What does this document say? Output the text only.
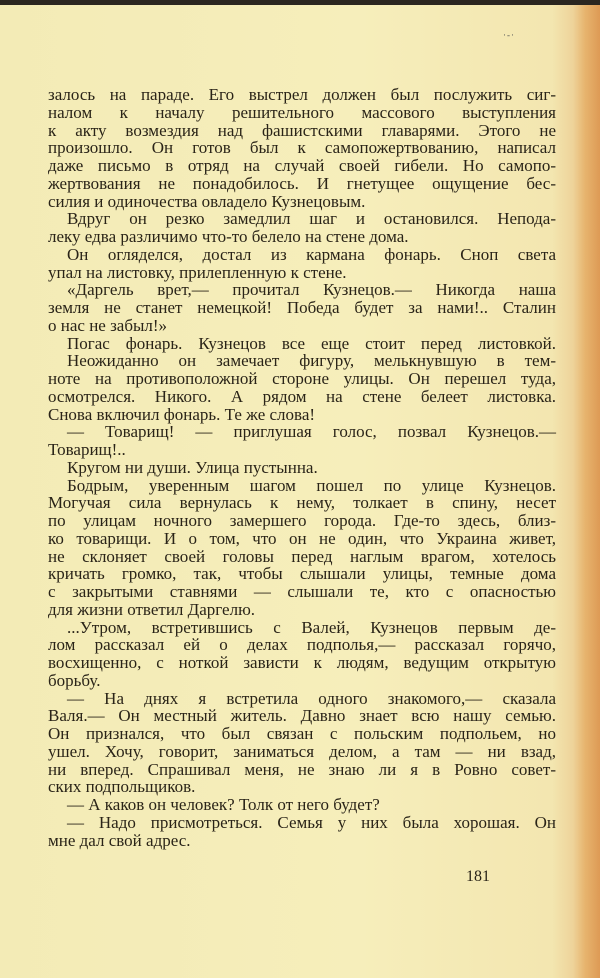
·-·
залось на параде. Его выстрел должен был послужить сиг-
налом к началу решительного массового выступления
к акту возмездия над фашистскими главарями. Этого не
произошло. Он готов был к самопожертвованию, написал
даже письмо в отряд на случай своей гибели. Но самопо-
жертвования не понадобилось. И гнетущее ощущение бес-
силия и одиночества овладело Кузнецовым.
Вдруг он резко замедлил шаг и остановился. Непода-
леку едва различимо что-то белело на стене дома.
Он огляделся, достал из кармана фонарь. Сноп света
упал на листовку, прилепленную к стене.
«Даргель врет,— прочитал Кузнецов.— Никогда наша
земля не станет немецкой! Победа будет за нами!.. Сталин
о нас не забыл!»
Погас фонарь. Кузнецов все еще стоит перед листовкой.
Неожиданно он замечает фигуру, мелькнувшую в тем-
ноте на противоположной стороне улицы. Он перешел туда,
осмотрелся. Никого. А рядом на стене белеет листовка.
Снова включил фонарь. Те же слова!
— Товарищ! — приглушая голос, позвал Кузнецов.—
Товарищ!..
Кругом ни души. Улица пустынна.
Бодрым, уверенным шагом пошел по улице Кузнецов.
Могучая сила вернулась к нему, толкает в спину, несет
по улицам ночного замершего города. Где-то здесь, близ-
ко товарищи. И о том, что он не один, что Украина живет,
не склоняет своей головы перед наглым врагом, хотелось
кричать громко, так, чтобы слышали улицы, темные дома
с закрытыми ставнями — слышали те, кто с опасностью
для жизни ответил Даргелю.
...Утром, встретившись с Валей, Кузнецов первым де-
лом рассказал ей о делах подполья,— рассказал горячо,
восхищенно, с ноткой зависти к людям, ведущим открытую
борьбу.
— На днях я встретила одного знакомого,— сказала
Валя.— Он местный житель. Давно знает всю нашу семью.
Он признался, что был связан с польским подпольем, но
ушел. Хочу, говорит, заниматься делом, а там — ни взад,
ни вперед. Спрашивал меня, не знаю ли я в Ровно совет-
ских подпольщиков.
— А каков он человек? Толк от него будет?
— Надо присмотреться. Семья у них была хорошая. Он
мне дал свой адрес.
181
